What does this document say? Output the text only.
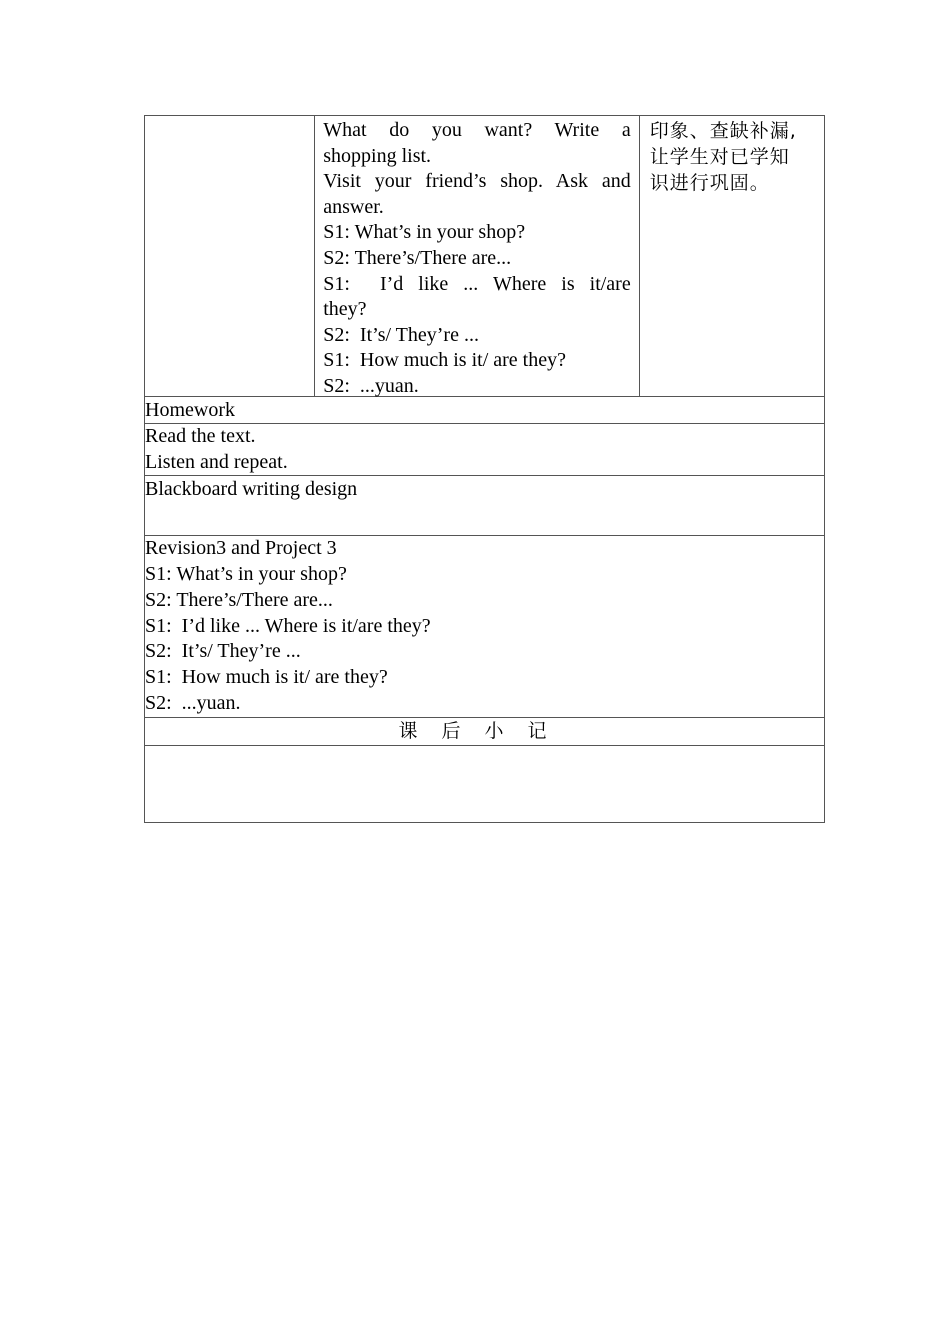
What do you want? Write a
shopping list.
Visit your friend’s shop. Ask and
answer.
S1: What’s in your shop?
S2: There’s/There are...
S1:  I’d like ... Where is it/are
they?
S2:  It’s/ They’re ...
S1:  How much is it/ are they?
S2:  ...yuan.

印象、查缺补漏,
让学生对已学知
识进行巩固。

Homework

Read the text.
Listen and repeat.

Blackboard writing design

Revision3 and Project 3
S1: What’s in your shop?
S2: There’s/There are...
S1:  I’d like ... Where is it/are they?
S2:  It’s/ They’re ...
S1:  How much is it/ are they?
S2:  ...yuan.

课后小记
